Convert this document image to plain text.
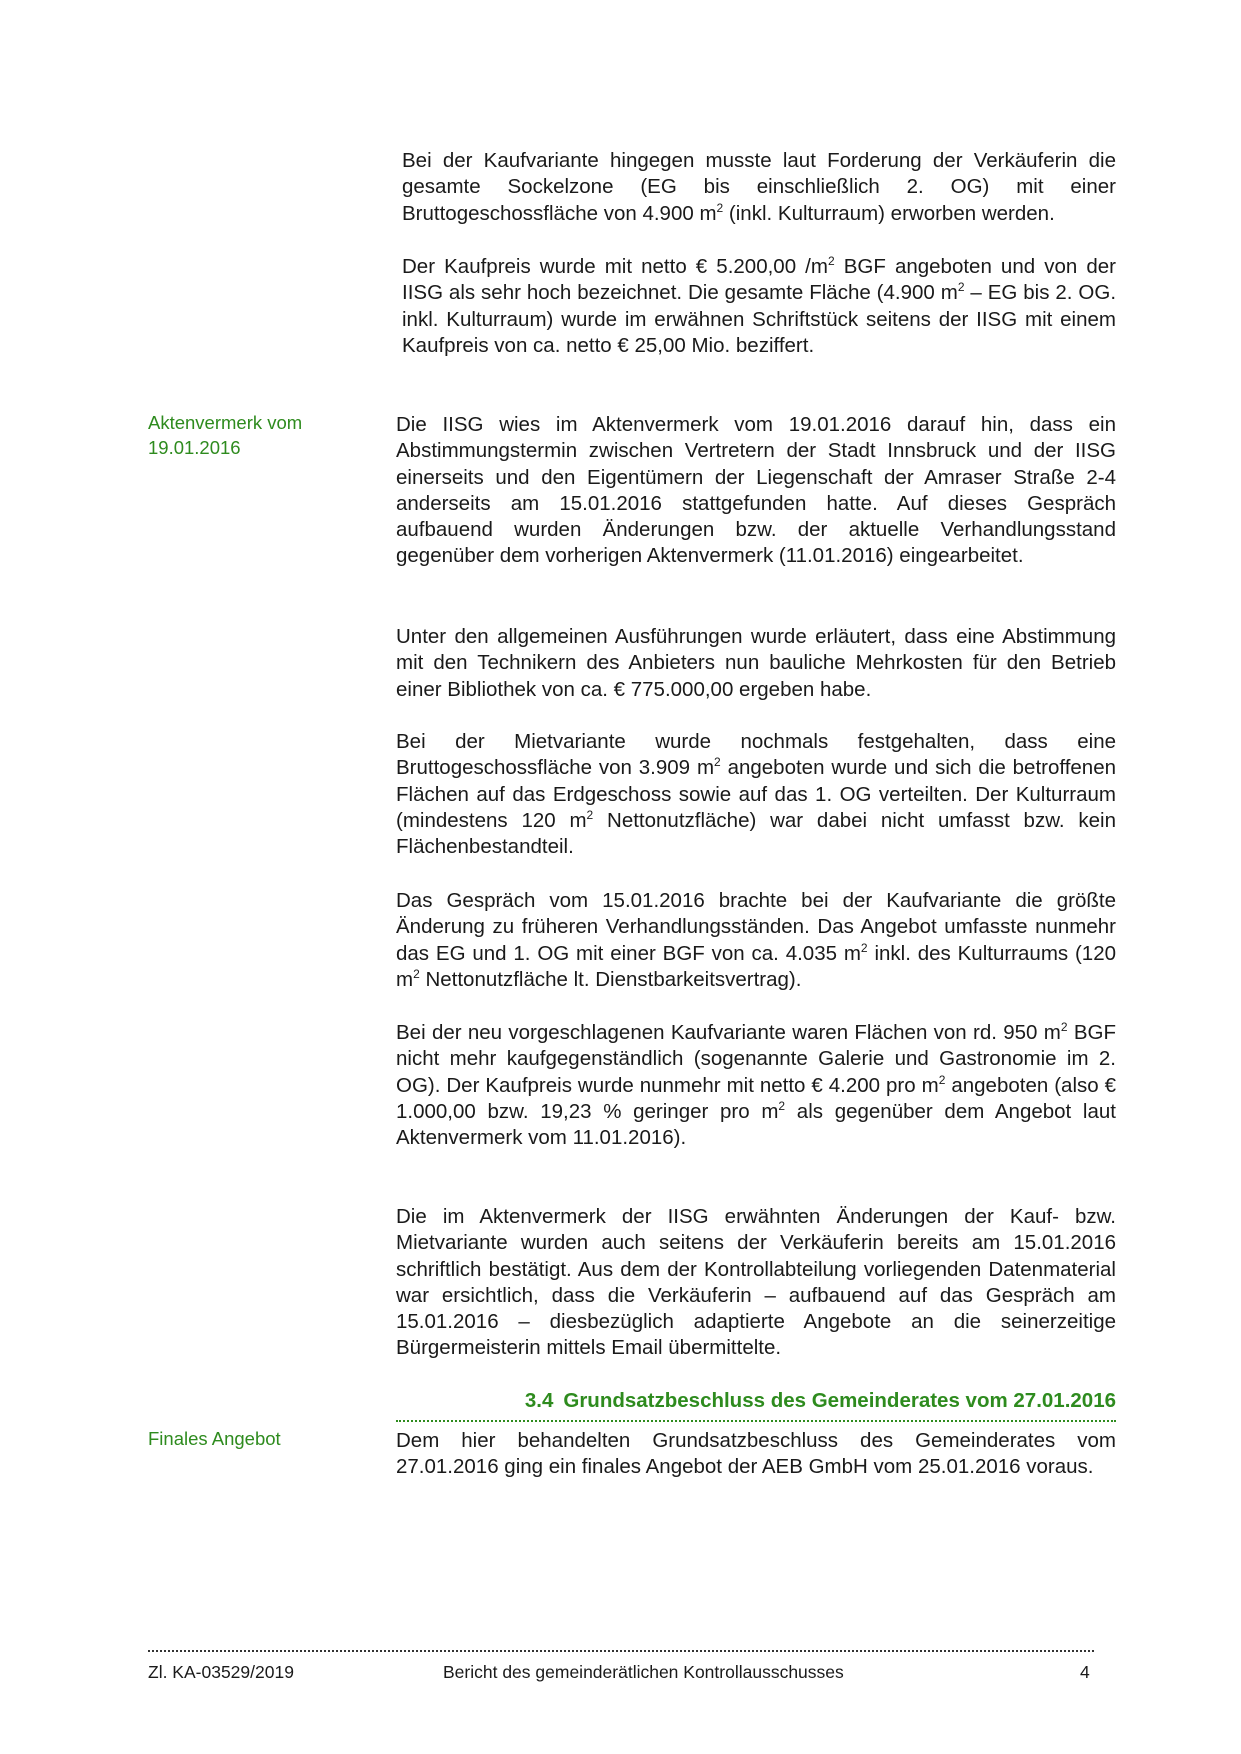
Bei der Kaufvariante hingegen musste laut Forderung der Verkäuferin die gesamte Sockelzone (EG bis einschließlich 2. OG) mit einer Bruttogeschossfläche von 4.900 $m^2$ (inkl. Kulturraum) erworben werden.

Der Kaufpreis wurde mit netto € 5.200,00 $/m^2$ BGF angeboten und von der IISG als sehr hoch bezeichnet. Die gesamte Fläche (4.900 $m^2$ – EG bis 2. OG. inkl. Kulturraum) wurde im erwähnen Schriftstück seitens der IISG mit einem Kaufpreis von ca. netto € 25,00 Mio. beziffert.

Aktenvermerk vom
19.01.2016

Die IISG wies im Aktenvermerk vom 19.01.2016 darauf hin, dass ein Abstimmungstermin zwischen Vertretern der Stadt Innsbruck und der IISG einerseits und den Eigentümern der Liegenschaft der Amraser Straße 2-4 anderseits am 15.01.2016 stattgefunden hatte. Auf dieses Gespräch aufbauend wurden Änderungen bzw. der aktuelle Verhandlungsstand gegenüber dem vorherigen Aktenvermerk (11.01.2016) eingearbeitet.

Unter den allgemeinen Ausführungen wurde erläutert, dass eine Abstimmung mit den Technikern des Anbieters nun bauliche Mehrkosten für den Betrieb einer Bibliothek von ca. € 775.000,00 ergeben habe.

Bei der Mietvariante wurde nochmals festgehalten, dass eine Bruttogeschossfläche von 3.909 $m^2$ angeboten wurde und sich die betroffenen Flächen auf das Erdgeschoss sowie auf das 1. OG verteilten. Der Kulturraum (mindestens 120 $m^2$ Nettonutzfläche) war dabei nicht umfasst bzw. kein Flächenbestandteil.

Das Gespräch vom 15.01.2016 brachte bei der Kaufvariante die größte Änderung zu früheren Verhandlungsständen. Das Angebot umfasste nunmehr das EG und 1. OG mit einer BGF von ca. 4.035 $m^2$ inkl. des Kulturraums (120 $m^2$ Nettonutzfläche lt. Dienstbarkeitsvertrag).

Bei der neu vorgeschlagenen Kaufvariante waren Flächen von rd. 950 $m^2$ BGF nicht mehr kaufgegenständlich (sogenannte Galerie und Gastronomie im 2. OG). Der Kaufpreis wurde nunmehr mit netto € 4.200 pro $m^2$ angeboten (also € 1.000,00 bzw. 19,23 % geringer pro $m^2$ als gegenüber dem Angebot laut Aktenvermerk vom 11.01.2016).

Die im Aktenvermerk der IISG erwähnten Änderungen der Kauf- bzw. Mietvariante wurden auch seitens der Verkäuferin bereits am 15.01.2016 schriftlich bestätigt. Aus dem der Kontrollabteilung vorliegenden Datenmaterial war ersichtlich, dass die Verkäuferin – aufbauend auf das Gespräch am 15.01.2016 – diesbezüglich adaptierte Angebote an die seinerzeitige Bürgermeisterin mittels Email übermittelte.

3.4 Grundsatzbeschluss des Gemeinderates vom 27.01.2016

Finales Angebot	Dem hier behandelten Grundsatzbeschluss des Gemeinderates vom 27.01.2016 ging ein finales Angebot der AEB GmbH vom 25.01.2016 voraus.

Zl. KA-03529/2019	Bericht des gemeinderätlichen Kontrollausschusses	4
